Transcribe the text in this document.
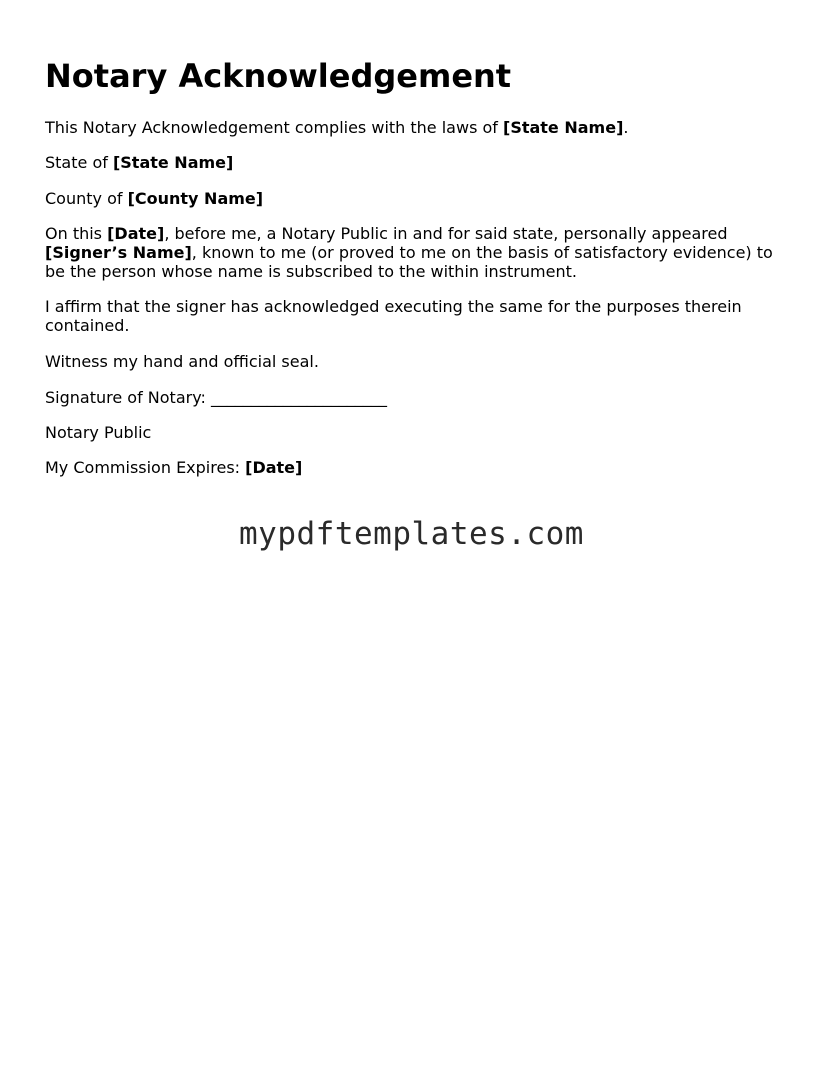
Notary Acknowledgement

This Notary Acknowledgement complies with the laws of [State Name].

State of [State Name]

County of [County Name]

On this [Date], before me, a Notary Public in and for said state, personally appeared [Signer’s Name], known to me (or proved to me on the basis of satisfactory evidence) to be the person whose name is subscribed to the within instrument.

I affirm that the signer has acknowledged executing the same for the purposes therein contained.

Witness my hand and official seal.

Signature of Notary: ______________________

Notary Public

My Commission Expires: [Date]

mypdftemplates.com
